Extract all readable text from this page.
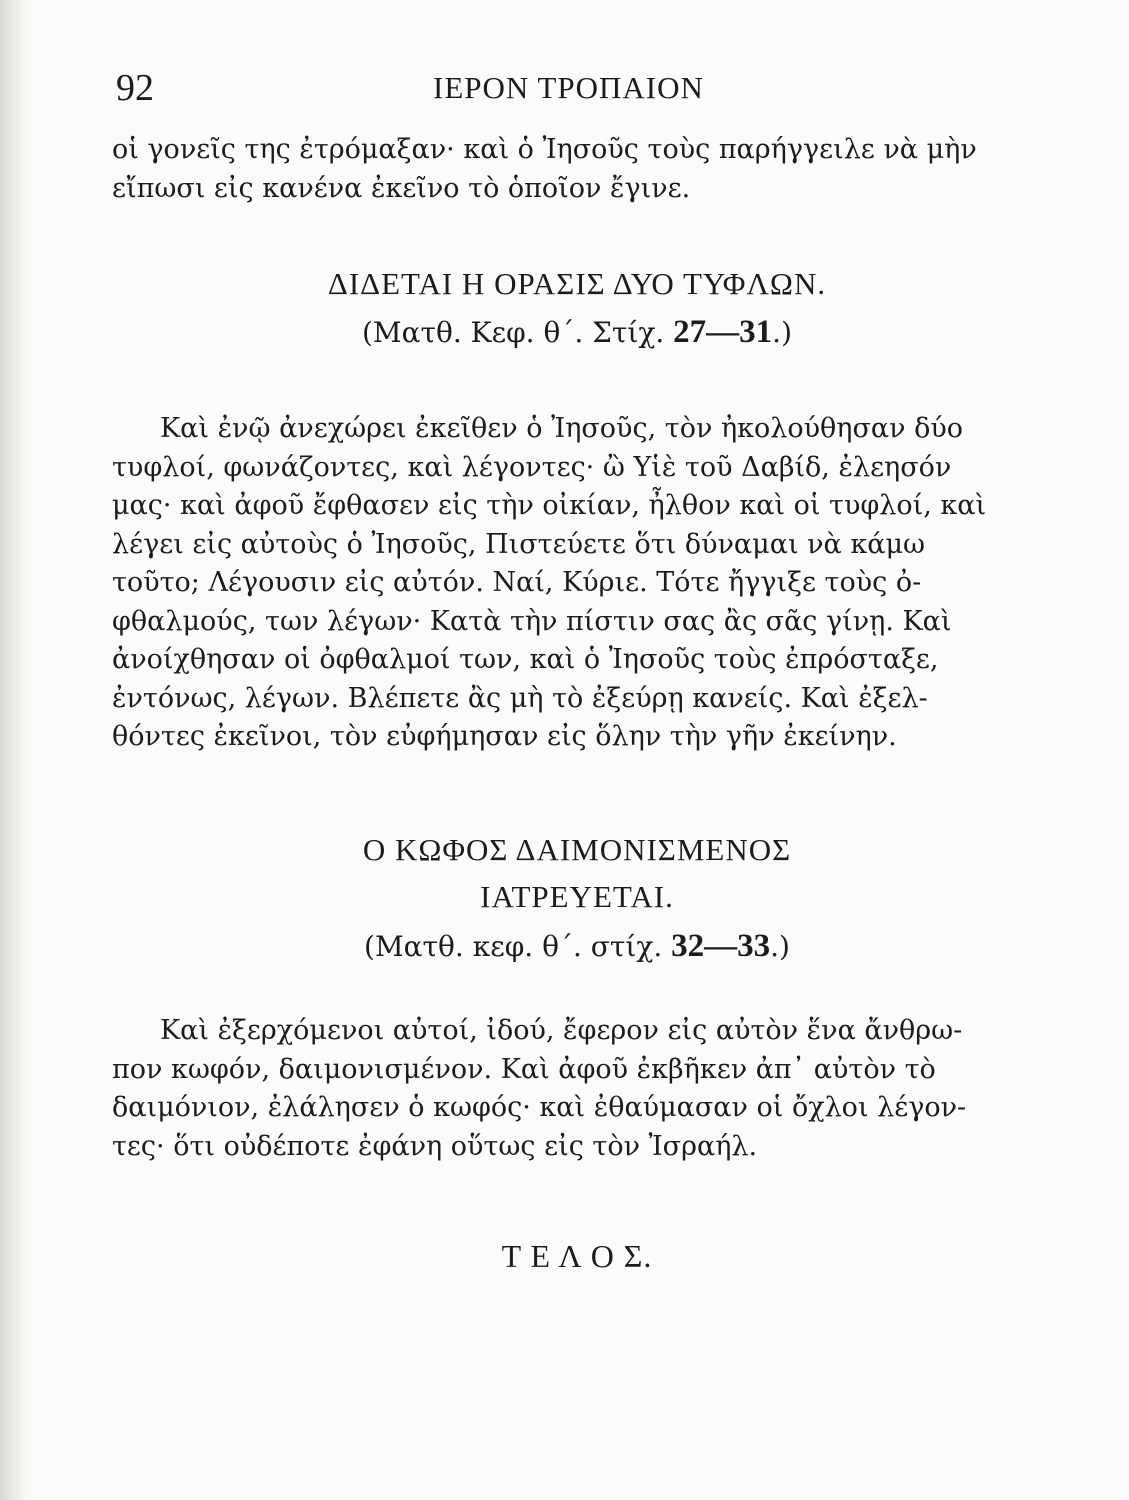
92	ΙΕΡΟΝ ΤΡΟΠΑΙΟΝ
οἱ γονεῖς της ἐτρόμαξαν· καὶ ὁ Ἰησοῦς τοὺς παρήγγειλε νὰ μὴν
εἴπωσι εἰς κανένα ἐκεῖνο τὸ ὁποῖον ἔγινε.
ΔΙΔΕΤΑΙ Η ΟΡΑΣΙΣ ΔΥΟ ΤΥΦΛΩΝ.
(Ματθ. Κεφ. θ΄. Στίχ. 27—31.)
Καὶ ἐνῷ ἀνεχώρει ἐκεῖθεν ὁ Ἰησοῦς, τὸν ἠκολούθησαν δύο
τυφλοί, φωνάζοντες, καὶ λέγοντες· ὢ Υἱὲ τοῦ Δαβίδ, ἐλεησόν
μας· καὶ ἀφοῦ ἔφθασεν εἰς τὴν οἰκίαν, ἦλθον καὶ οἱ τυφλοί, καὶ
λέγει εἰς αὐτοὺς ὁ Ἰησοῦς, Πιστεύετε ὅτι δύναμαι νὰ κάμω
τοῦτο; Λέγουσιν εἰς αὐτόν. Ναί, Κύριε. Τότε ἤγγιξε τοὺς ὀ-
φθαλμούς, των λέγων· Κατὰ τὴν πίστιν σας ἂς σᾶς γίνῃ. Καὶ
ἀνοίχθησαν οἱ ὀφθαλμοί των, καὶ ὁ Ἰησοῦς τοὺς ἐπρόσταξε,
ἐντόνως, λέγων. Βλέπετε ἂς μὴ τὸ ἐξεύρῃ κανείς. Καὶ ἐξελ-
θόντες ἐκεῖνοι, τὸν εὐφήμησαν εἰς ὅλην τὴν γῆν ἐκείνην.
Ο ΚΩΦΟΣ ΔΑΙΜΟΝΙΣΜΕΝΟΣ
ΙΑΤΡΕΥΕΤΑΙ.
(Ματθ. κεφ. θ΄. στίχ. 32—33.)
Καὶ ἐξερχόμενοι αὐτοί, ἰδού, ἔφερον εἰς αὐτὸν ἕνα ἄνθρω-
πον κωφόν, δαιμονισμένον. Καὶ ἀφοῦ ἐκβῆκεν ἀπ᾽ αὐτὸν τὸ
δαιμόνιον, ἐλάλησεν ὁ κωφός· καὶ ἐθαύμασαν οἱ ὄχλοι λέγον-
τες· ὅτι οὐδέποτε ἐφάνη οὕτως εἰς τὸν Ἰσραήλ.
Τ Ε Λ Ο Σ.
